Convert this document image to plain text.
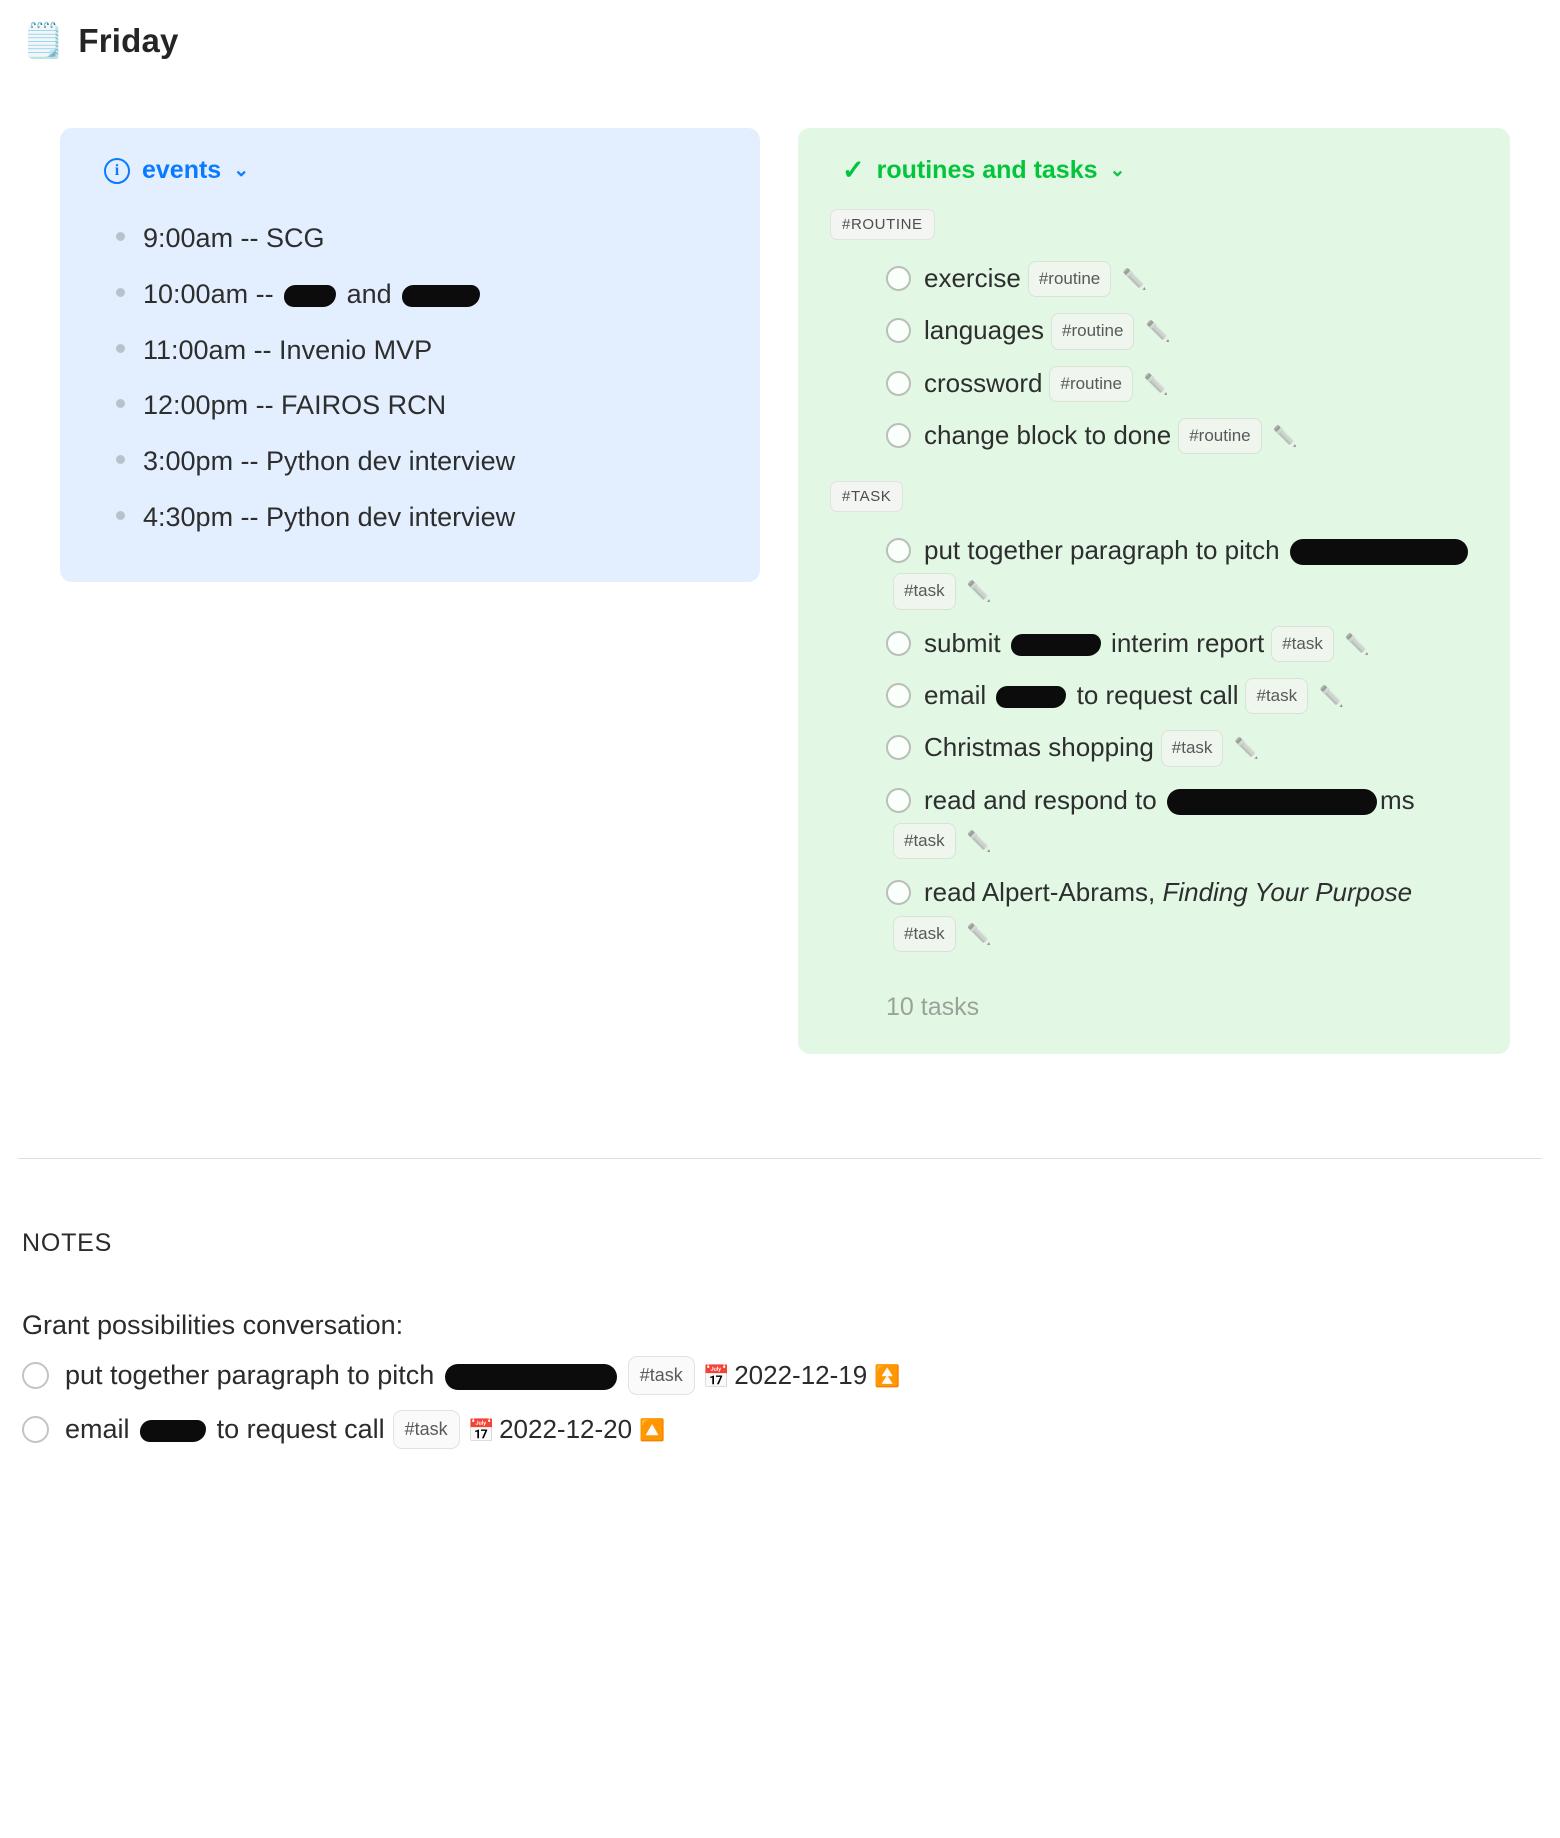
🗒️ Friday
i events ⌄
9:00am -- SCG
10:00am --  and
11:00am -- Invenio MVP
12:00pm -- FAIROS RCN
3:00pm -- Python dev interview
4:30pm -- Python dev interview
✓ routines and tasks ⌄
#ROUTINE
exercise #routine ✏️
languages #routine ✏️
crossword #routine ✏️
change block to done #routine ✏️
#TASK
put together paragraph to pitch #task ✏️
submit	interim report #task ✏️
email	to request call #task ✏️
Christmas shopping #task ✏️
read and respond to	ms#task ✏️
read Alpert-Abrams, Finding Your Purpose#task ✏️
10 tasks
NOTES
Grant possibilities conversation:
put together paragraph to pitch	#task 📅 2022-12-19 ⏫
email	to request call #task 📅 2022-12-20 🔼
